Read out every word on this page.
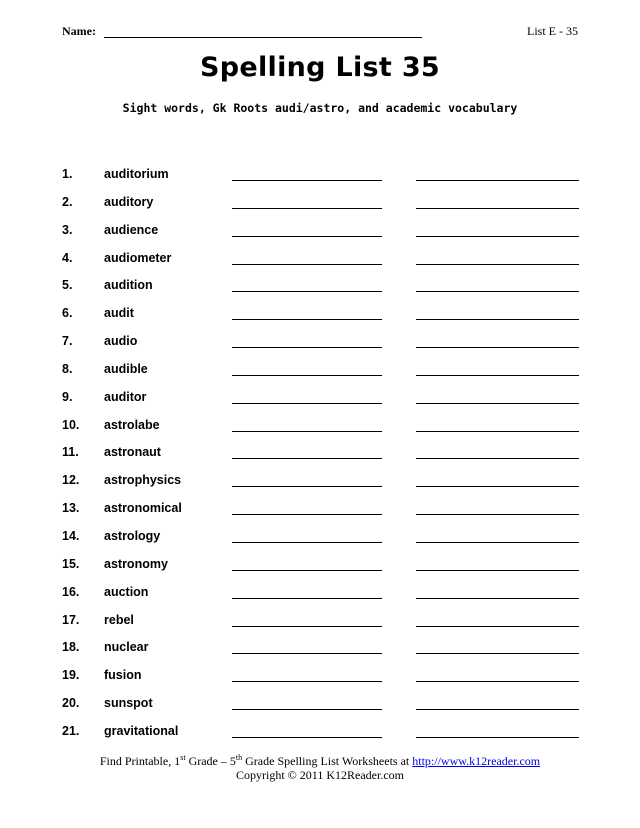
Name:	List E - 35
Spelling List 35
Sight words, Gk Roots audi/astro, and academic vocabulary
1.	auditorium
2.	auditory
3.	audience
4.	audiometer
5.	audition
6.	audit
7.	audio
8.	audible
9.	auditor
10. astrolabe
11. astronaut
12. astrophysics
13. astronomical
14. astrology
15. astronomy
16. auction
17. rebel
18. nuclear
19. fusion
20. sunspot
21. gravitational
Find Printable, 1st Grade – 5th Grade Spelling List Worksheets at http://www.k12reader.com
Copyright © 2011 K12Reader.com
